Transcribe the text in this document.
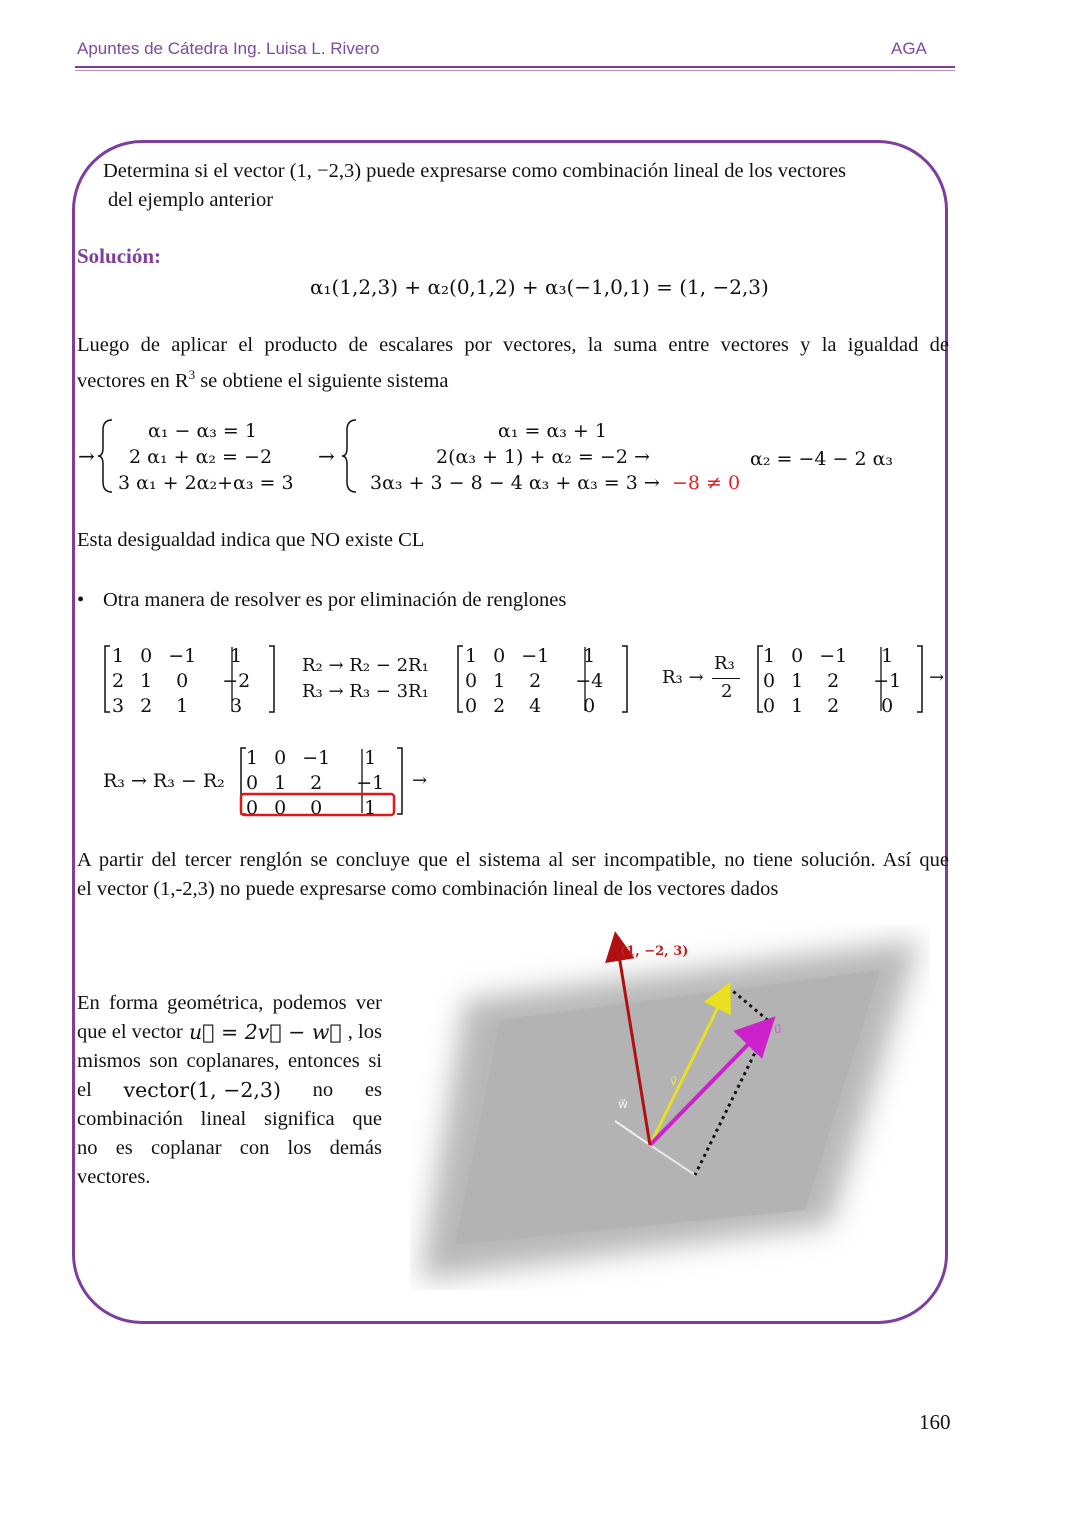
Apuntes de Cátedra Ing. Luisa L. Rivero	AGA
Determina si el vector (1, −2,3) puede expresarse como combinación lineal de los vectores
del ejemplo anterior
Solución:
α₁(1,2,3) + α₂(0,1,2) + α₃(−1,0,1) = (1, −2,3)
Luego de aplicar el producto de escalares por vectores, la suma entre vectores y la igualdad de
vectores en $R^3$ se obtiene el siguiente sistema
→
α₁ − α₃ = 1
2 α₁ + α₂ = −2
3 α₁ + 2α₂+α₃ = 3
→
α₁ = α₃ + 1
2(α₃ + 1) + α₂ = −2 →
3α₃ + 3 − 8 − 4 α₃ + α₃ = 3 → −8 ≠ 0
α₂ = −4 − 2 α₃
Esta desigualdad indica que NO existe CL
• Otra manera de resolver es por eliminación de renglones
1	0	−1	1
2	1	0	−2
3	2	1	3
R₂ → R₂ − 2R₁
R₃ → R₃ − 3R₁
1	0	−1	1
0	1	2	−4
0	2	4	0
R₃ →
R₃
2
1	0	−1	1
0	1	2	−1
0	1	2	0
→
R₃ → R₃ − R₂
1	0	−1	1
0	1	2	−1
0	0	0	1
→
A partir del tercer renglón se concluye que el sistema al ser incompatible, no tiene solución. Así que
el vector (1,-2,3) no puede expresarse como combinación lineal de los vectores dados
En forma geométrica, podemos ver
que el vector u⃗ = 2v⃗ − w⃗ , los
mismos son coplanares, entonces si
el vector(1, −2,3) no es
combinación lineal significa que
no es coplanar con los demás
vectores.
(1, −2, 3)
u⃗
v⃗
w⃗
160
